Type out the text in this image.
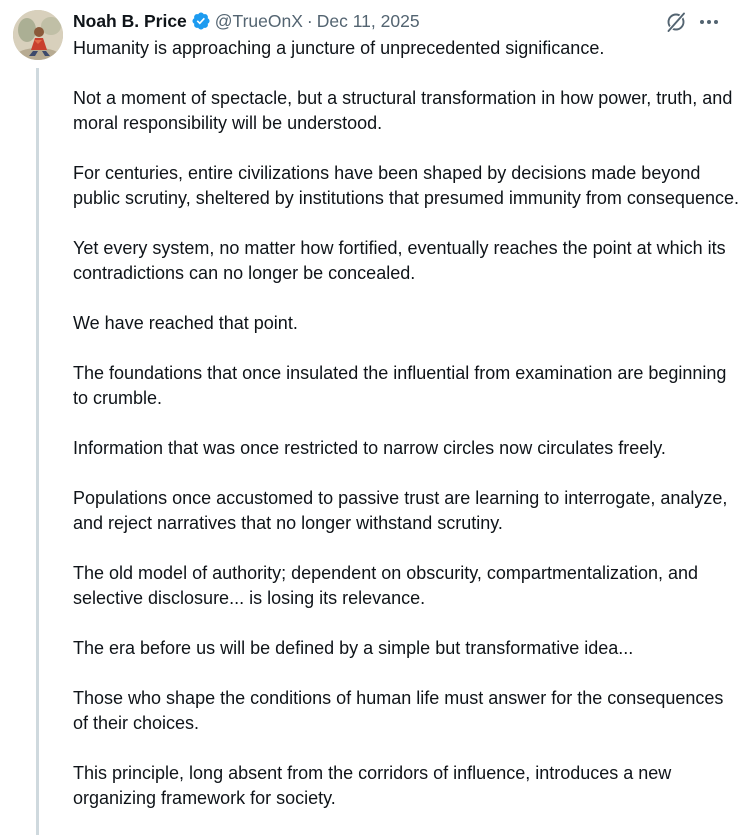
Noah B. Price @TrueOnX · Dec 11, 2025

Humanity is approaching a juncture of unprecedented significance.

Not a moment of spectacle, but a structural transformation in how power, truth, and moral responsibility will be understood.

For centuries, entire civilizations have been shaped by decisions made beyond public scrutiny, sheltered by institutions that presumed immunity from consequence.

Yet every system, no matter how fortified, eventually reaches the point at which its contradictions can no longer be concealed.

We have reached that point.

The foundations that once insulated the influential from examination are beginning to crumble.

Information that was once restricted to narrow circles now circulates freely.

Populations once accustomed to passive trust are learning to interrogate, analyze, and reject narratives that no longer withstand scrutiny.

The old model of authority; dependent on obscurity, compartmentalization, and selective disclosure... is losing its relevance.

The era before us will be defined by a simple but transformative idea...

Those who shape the conditions of human life must answer for the consequences of their choices.

This principle, long absent from the corridors of influence, introduces a new organizing framework for society.
